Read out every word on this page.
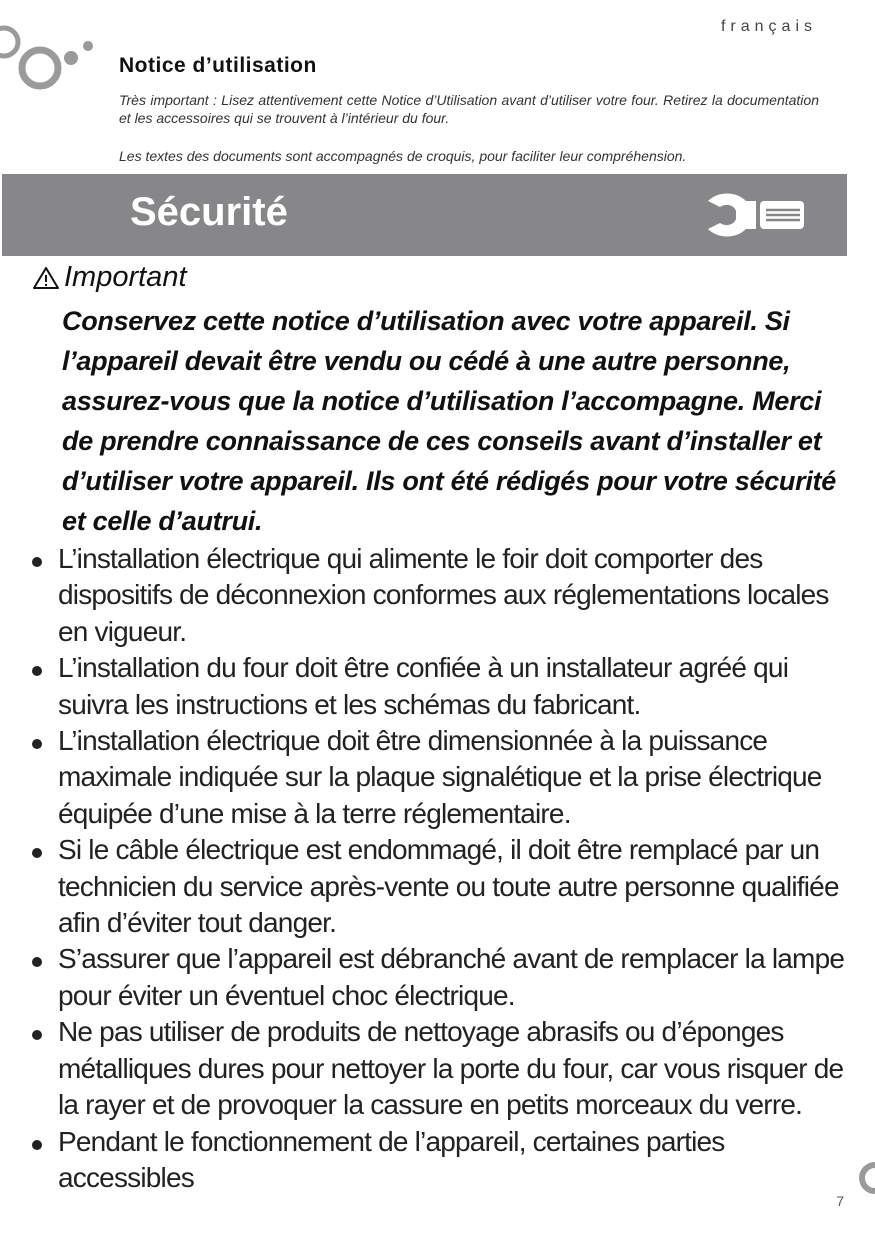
français
Notice d’utilisation

Très important : Lisez attentivement cette Notice d’Utilisation avant d’utiliser votre four. Retirez la documentation et les accessoires qui se trouvent à l’intérieur du four.

Les textes des documents sont accompagnés de croquis, pour faciliter leur compréhension.

Sécurité
Important

Conservez cette notice d’utilisation avec votre appareil. Si l’appareil devait être vendu ou cédé à une autre personne, assurez-vous que la notice d’utilisation l’accompagne. Merci de prendre connaissance de ces conseils avant d’installer et d’utiliser votre appareil. Ils ont été rédigés pour votre sécurité et celle d’autrui.

L’installation électrique qui alimente le foir doit comporter des dispositifs de déconnexion conformes aux réglementations locales en vigueur.
L’installation du four doit être confiée à un installateur agréé qui suivra les instructions et les schémas du fabricant.
L’installation électrique doit être dimensionnée à la puissance maximale indiquée sur la plaque signalétique et la prise électrique équipée d’une mise à la terre réglementaire.
Si le câble électrique est endommagé, il doit être remplacé par un technicien du service après-vente ou toute autre personne qualifiée afin d’éviter tout danger.
S’assurer que l’appareil est débranché avant de remplacer la lampe pour éviter un éventuel choc électrique.
Ne pas utiliser de produits de nettoyage abrasifs ou d’éponges métalliques dures pour nettoyer la porte du four, car vous risquer de la rayer et de provoquer la cassure en petits morceaux du verre.
Pendant le fonctionnement de l’appareil, certaines parties accessibles
7
